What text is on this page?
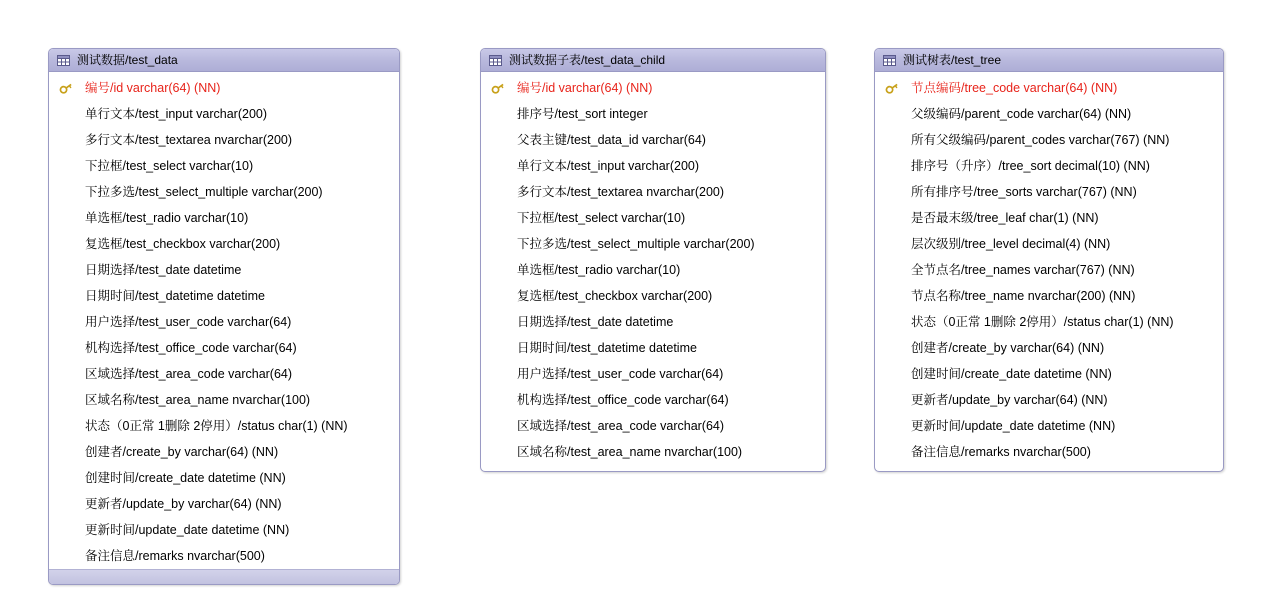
测试数据/test_data
编号/id varchar(64) (NN)
单行文本/test_input varchar(200)
多行文本/test_textarea nvarchar(200)
下拉框/test_select varchar(10)
下拉多选/test_select_multiple varchar(200)
单选框/test_radio varchar(10)
复选框/test_checkbox varchar(200)
日期选择/test_date datetime
日期时间/test_datetime datetime
用户选择/test_user_code varchar(64)
机构选择/test_office_code varchar(64)
区域选择/test_area_code varchar(64)
区域名称/test_area_name nvarchar(100)
状态（0正常 1删除 2停用）/status char(1) (NN)
创建者/create_by varchar(64) (NN)
创建时间/create_date datetime (NN)
更新者/update_by varchar(64) (NN)
更新时间/update_date datetime (NN)
备注信息/remarks nvarchar(500)
测试数据子表/test_data_child
编号/id varchar(64) (NN)
排序号/test_sort integer
父表主键/test_data_id varchar(64)
单行文本/test_input varchar(200)
多行文本/test_textarea nvarchar(200)
下拉框/test_select varchar(10)
下拉多选/test_select_multiple varchar(200)
单选框/test_radio varchar(10)
复选框/test_checkbox varchar(200)
日期选择/test_date datetime
日期时间/test_datetime datetime
用户选择/test_user_code varchar(64)
机构选择/test_office_code varchar(64)
区域选择/test_area_code varchar(64)
区域名称/test_area_name nvarchar(100)
测试树表/test_tree
节点编码/tree_code varchar(64) (NN)
父级编码/parent_code varchar(64) (NN)
所有父级编码/parent_codes varchar(767) (NN)
排序号（升序）/tree_sort decimal(10) (NN)
所有排序号/tree_sorts varchar(767) (NN)
是否最末级/tree_leaf char(1) (NN)
层次级别/tree_level decimal(4) (NN)
全节点名/tree_names varchar(767) (NN)
节点名称/tree_name nvarchar(200) (NN)
状态（0正常 1删除 2停用）/status char(1) (NN)
创建者/create_by varchar(64) (NN)
创建时间/create_date datetime (NN)
更新者/update_by varchar(64) (NN)
更新时间/update_date datetime (NN)
备注信息/remarks nvarchar(500)
